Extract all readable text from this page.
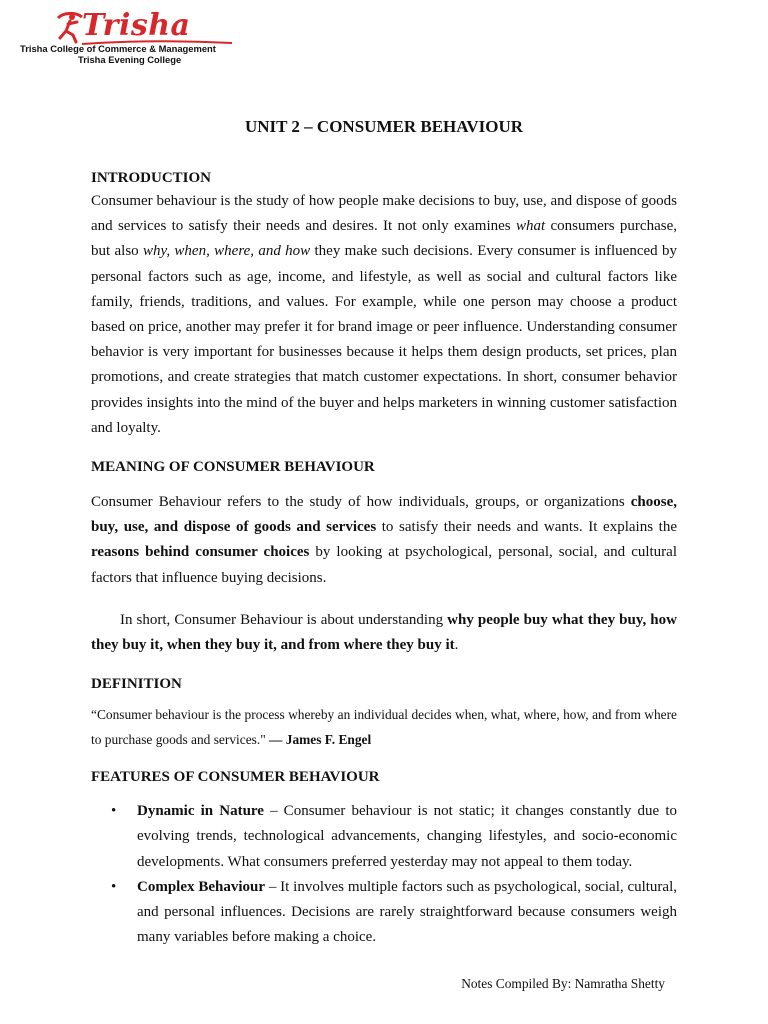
Trisha
Trisha College of Commerce & Management
Trisha Evening College
UNIT 2 – CONSUMER BEHAVIOUR
INTRODUCTION

Consumer behaviour is the study of how people make decisions to buy, use, and dispose of goods and services to satisfy their needs and desires. It not only examines what consumers purchase, but also why, when, where, and how they make such decisions. Every consumer is influenced by personal factors such as age, income, and lifestyle, as well as social and cultural factors like family, friends, traditions, and values. For example, while one person may choose a product based on price, another may prefer it for brand image or peer influence. Understanding consumer behavior is very important for businesses because it helps them design products, set prices, plan promotions, and create strategies that match customer expectations. In short, consumer behavior provides insights into the mind of the buyer and helps marketers in winning customer satisfaction and loyalty.

MEANING OF CONSUMER BEHAVIOUR

Consumer Behaviour refers to the study of how individuals, groups, or organizations choose, buy, use, and dispose of goods and services to satisfy their needs and wants. It explains the reasons behind consumer choices by looking at psychological, personal, social, and cultural factors that influence buying decisions.

In short, Consumer Behaviour is about understanding why people buy what they buy, how they buy it, when they buy it, and from where they buy it.

DEFINITION

“Consumer behaviour is the process whereby an individual decides when, what, where, how, and from where to purchase goods and services." — James F. Engel

FEATURES OF CONSUMER BEHAVIOUR
• Dynamic in Nature – Consumer behaviour is not static; it changes constantly due to evolving trends, technological advancements, changing lifestyles, and socio-economic developments. What consumers preferred yesterday may not appeal to them today.
• Complex Behaviour – It involves multiple factors such as psychological, social, cultural, and personal influences. Decisions are rarely straightforward because consumers weigh many variables before making a choice.
Notes Compiled By: Namratha Shetty
